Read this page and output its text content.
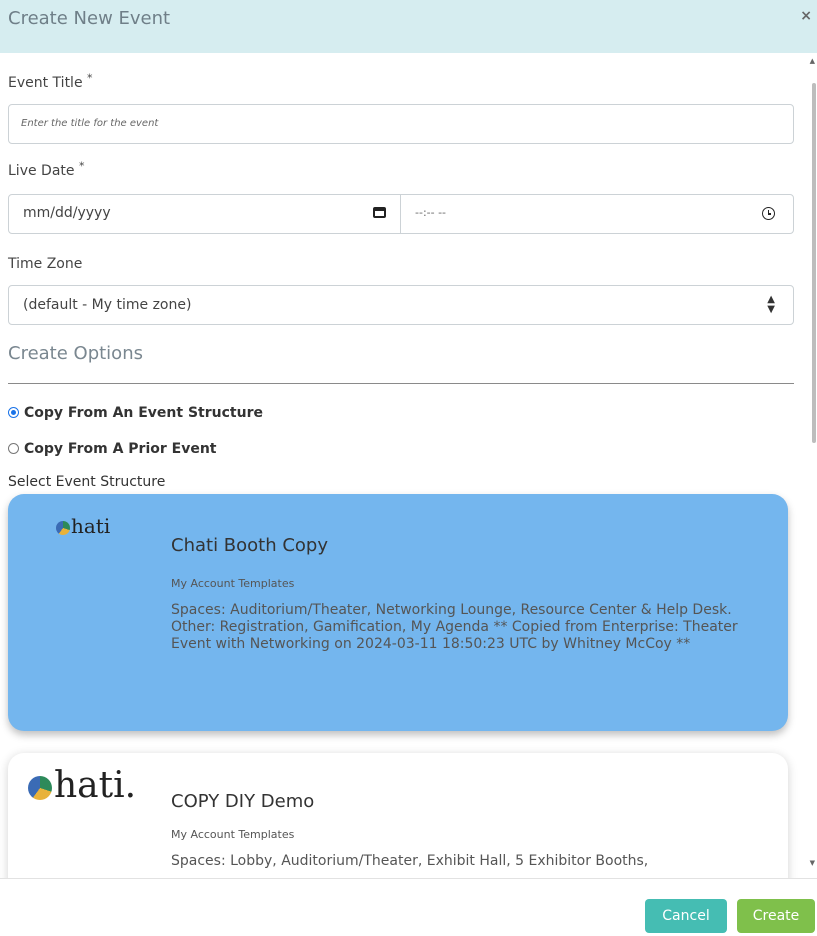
Create New Event	×
Event Title *
Enter the title for the event
Live Date *
mm/dd/yyyy	--:-- --
Time Zone
(default - My time zone)	▲
▼
Create Options
Copy From An Event Structure
Copy From A Prior Event
Select Event Structure
hati
Chati Booth Copy
My Account Templates
Spaces: Auditorium/Theater, Networking Lounge, Resource Center & Help Desk. Other: Registration, Gamification, My Agenda ** Copied from Enterprise: Theater Event with Networking on 2024-03-11 18:50:23 UTC by Whitney McCoy **
hati. COPY DIY Demo
My Account Templates
Spaces: Lobby, Auditorium/Theater, Exhibit Hall, 5 Exhibitor Booths,
▲
▼
Cancel	Create
